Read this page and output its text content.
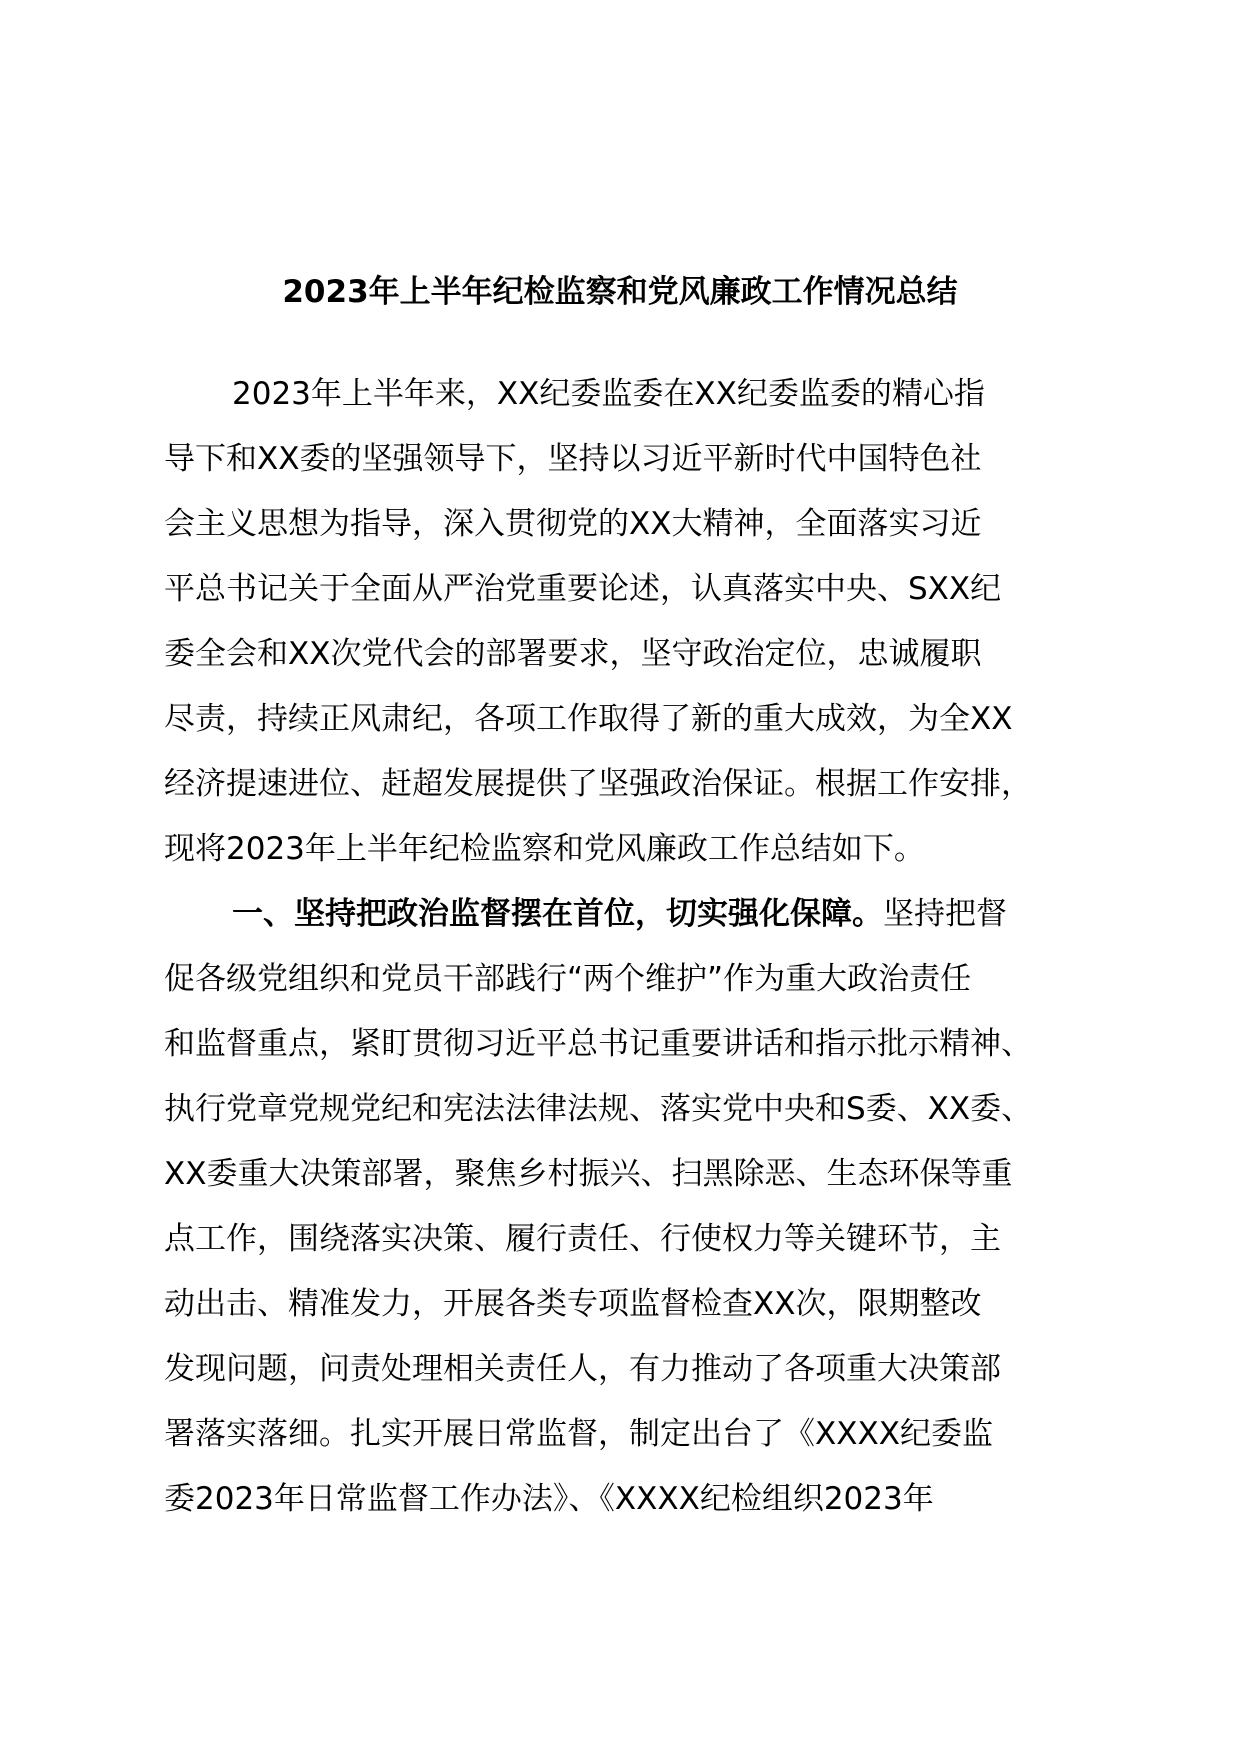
2023年上半年纪检监察和党风廉政工作情况总结
2023年上半年来，XX纪委监委在XX纪委监委的精心指
导下和XX委的坚强领导下，坚持以习近平新时代中国特色社
会主义思想为指导，深入贯彻党的XX大精神，全面落实习近
平总书记关于全面从严治党重要论述，认真落实中央、SXX纪
委全会和XX次党代会的部署要求，坚守政治定位，忠诚履职
尽责，持续正风肃纪，各项工作取得了新的重大成效，为全XX
经济提速进位、赶超发展提供了坚强政治保证。根据工作安排，
现将2023年上半年纪检监察和党风廉政工作总结如下。
一、坚持把政治监督摆在首位，切实强化保障。坚持把督
促各级党组织和党员干部践行“两个维护”作为重大政治责任
和监督重点，紧盯贯彻习近平总书记重要讲话和指示批示精神、
执行党章党规党纪和宪法法律法规、落实党中央和S委、XX委、
XX委重大决策部署，聚焦乡村振兴、扫黑除恶、生态环保等重
点工作，围绕落实决策、履行责任、行使权力等关键环节，主
动出击、精准发力，开展各类专项监督检查XX次，限期整改
发现问题，问责处理相关责任人，有力推动了各项重大决策部
署落实落细。扎实开展日常监督，制定出台了《XXXX纪委监
委2023年日常监督工作办法》、《XXXX纪检组织2023年
